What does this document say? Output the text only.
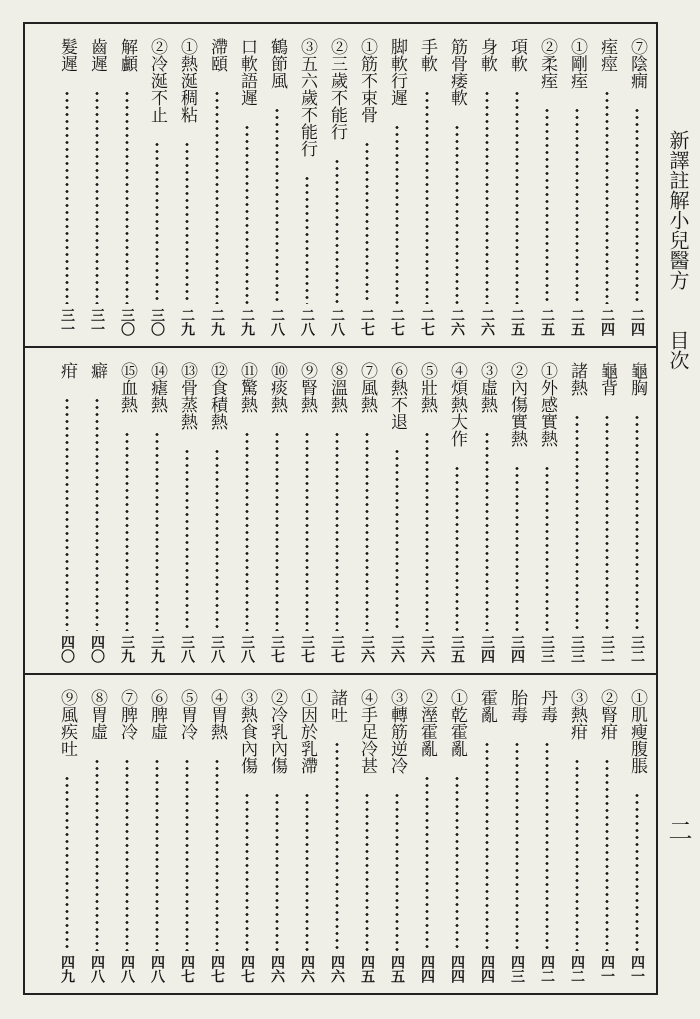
⑦陰癇
二四
痓痙
二四
①剛痓
二五
②柔痓
二五
項軟
二五
身軟
二六
筋骨痿軟
二六
手軟
二七
脚軟行遲
二七
①筋不束骨
二七
②三歲不能行
二八
③五六歲不能行
二八
鶴節風
二八
口軟語遲
二九
滯頤
二九
①熱涎稠粘
二九
②冷涎不止
三〇
解顱
三〇
齒遲
三一
髮遲
三一
龜胸
三二
龜背
三二
諸熱
三三
①外感實熱
三三
②內傷實熱
三四
③虛熱
三四
④煩熱大作
三五
⑤壯熱
三六
⑥熱不退
三六
⑦風熱
三六
⑧溫熱
三七
⑨腎熱
三七
⑩痰熱
三七
⑪驚熱
三八
⑫食積熱
三八
⑬骨蒸熱
三八
⑭瘧熱
三九
⑮血熱
三九
癖
四〇
疳
四〇
①肌瘦腹脹
四一
②腎疳
四一
③熱疳
四二
丹毒
四二
胎毒
四三
霍亂
四四
①乾霍亂
四四
②溼霍亂
四四
③轉筋逆冷
四五
④手足冷甚
四五
諸吐
四六
①因於乳滯
四六
②冷乳內傷
四六
③熱食內傷
四七
④胃熱
四七
⑤胃冷
四七
⑥脾虛
四八
⑦脾冷
四八
⑧胃虛
四八
⑨風疾吐
四九
新譯註解小兒醫方
目次
二
